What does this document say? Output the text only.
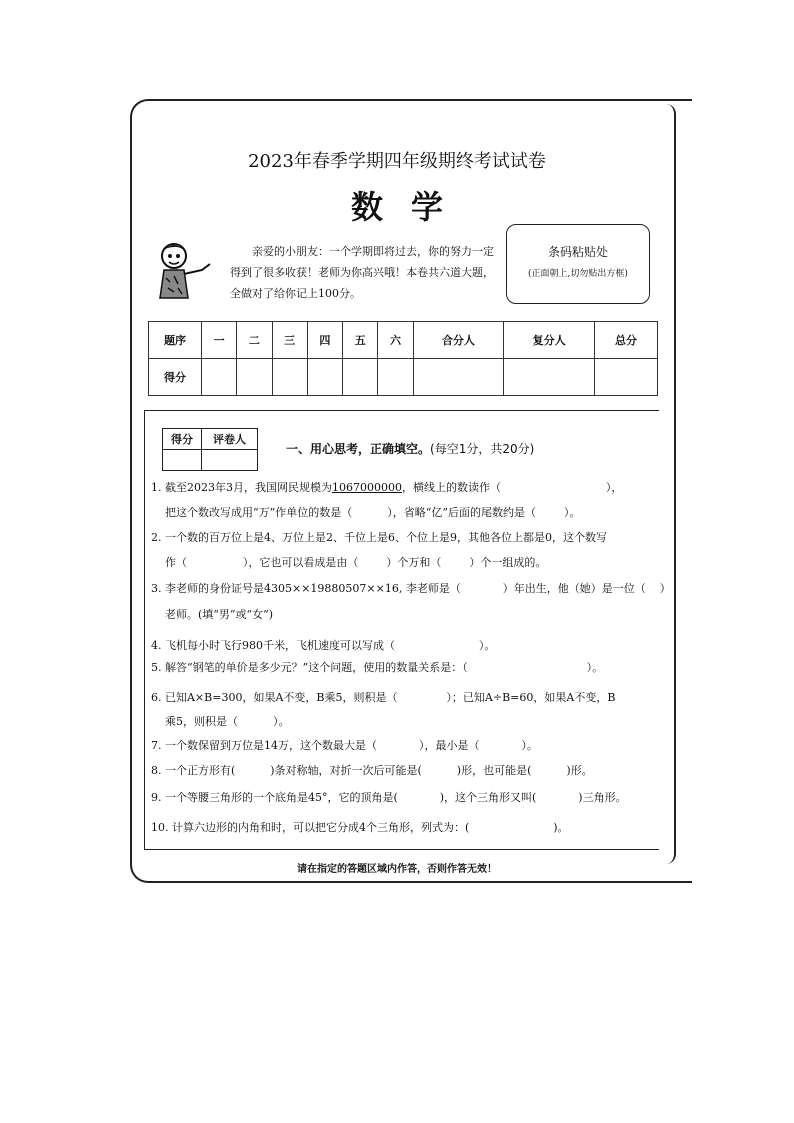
2023年春季学期四年级期终考试试卷
数学
亲爱的小朋友：一个学期即将过去，你的努力一定得到了很多收获！老师为你高兴哦！本卷共六道大题，全做对了给你记上100分。
条码粘贴处
(正面朝上,切勿贴出方框)
题序	一	二	三	四	五	六	合分人	复分人	总分
得分									
得分	评卷人

一、用心思考，正确填空。(每空1分，共20分)
1. 截至2023年3月，我国网民规模为1067000000，横线上的数读作（                              ），
把这个数改写成用“万”作单位的数是（          ），省略“亿”后面的尾数约是（        ）。
2. 一个数的百万位上是4、万位上是2、千位上是6、个位上是9，其他各位上都是0，这个数写
作（                ），它也可以看成是由（        ）个万和（        ）个一组成的。
3. 李老师的身份证号是4305××19880507××16, 李老师是（            ）年出生，他（她）是一位（    ）
老师。(填“男”或“女”)
4. 飞机每小时飞行980千米，飞机速度可以写成（                        ）。
5. 解答“钢笔的单价是多少元？”这个问题，使用的数量关系是：（                                  ）。
6. 已知A×B=300，如果A不变，B乘5，则积是（              ）；已知A÷B=60，如果A不变，B
乘5，则积是（          ）。
7. 一个数保留到万位是14万，这个数最大是（            ），最小是（            ）。
8. 一个正方形有(          )条对称轴，对折一次后可能是(          )形，也可能是(          )形。
9. 一个等腰三角形的一个底角是45°，它的顶角是(            )，这个三角形又叫(            )三角形。
10. 计算六边形的内角和时，可以把它分成4个三角形，列式为：(                        )。
请在指定的答题区域内作答，否则作答无效！
